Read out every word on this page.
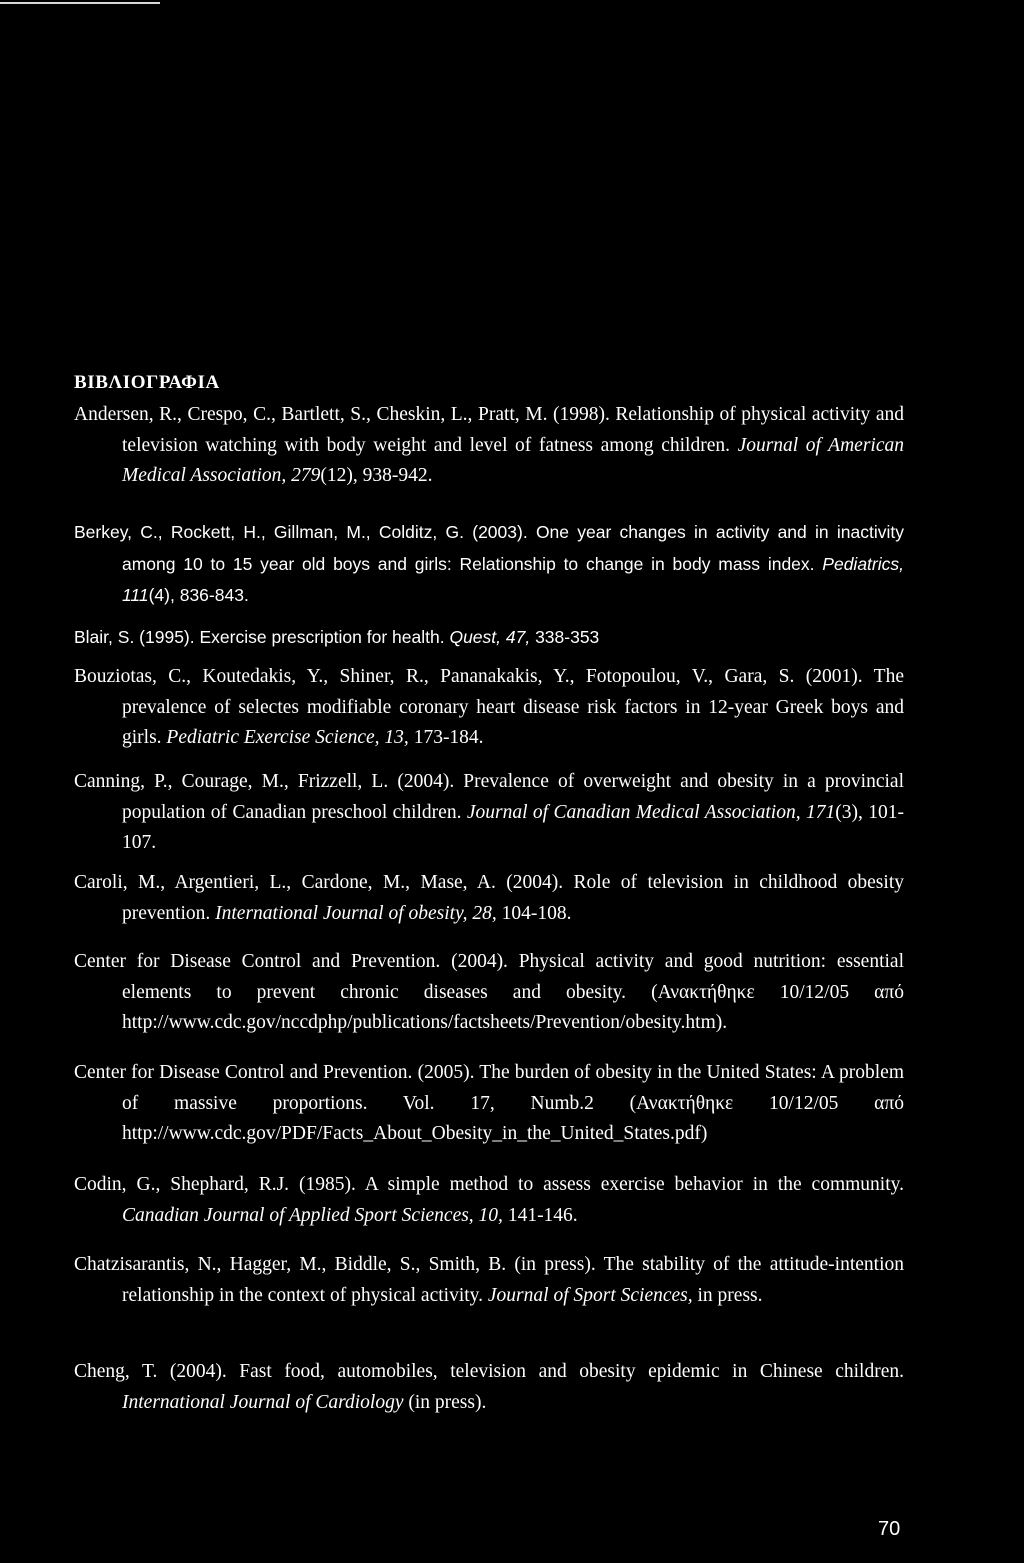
ΒΙΒΛΙΟΓΡΑΦΙΑ
Andersen, R., Crespo, C., Bartlett, S., Cheskin, L., Pratt, M. (1998). Relationship of physical activity and television watching with body weight and level of fatness among children. Journal of American Medical Association, 279(12), 938-942.
Berkey, C., Rockett, H., Gillman, M., Colditz, G. (2003). One year changes in activity and in inactivity among 10 to 15 year old boys and girls: Relationship to change in body mass index. Pediatrics, 111(4), 836-843.
Blair, S. (1995). Exercise prescription for health. Quest, 47, 338-353
Bouziotas, C., Koutedakis, Y., Shiner, R., Pananakakis, Y., Fotopoulou, V., Gara, S. (2001). The prevalence of selectes modifiable coronary heart disease risk factors in 12-year Greek boys and girls. Pediatric Exercise Science, 13, 173-184.
Canning, P., Courage, M., Frizzell, L. (2004). Prevalence of overweight and obesity in a provincial population of Canadian preschool children. Journal of Canadian Medical Association, 171(3), 101-107.
Caroli, M., Argentieri, L., Cardone, M., Mase, A. (2004). Role of television in childhood obesity prevention. International Journal of obesity, 28, 104-108.
Center for Disease Control and Prevention. (2004). Physical activity and good nutrition: essential elements to prevent chronic diseases and obesity. (Ανακτήθηκε 10/12/05 από http://www.cdc.gov/nccdphp/publications/factsheets/Prevention/obesity.htm).
Center for Disease Control and Prevention. (2005). The burden of obesity in the United States: A problem of massive proportions. Vol. 17, Numb.2 (Ανακτήθηκε 10/12/05 από http://www.cdc.gov/PDF/Facts_About_Obesity_in_the_United_States.pdf)
Codin, G., Shephard, R.J. (1985). A simple method to assess exercise behavior in the community. Canadian Journal of Applied Sport Sciences, 10, 141-146.
Chatzisarantis, N., Hagger, M., Biddle, S., Smith, B. (in press). The stability of the attitude-intention relationship in the context of physical activity. Journal of Sport Sciences, in press.
Cheng, T. (2004). Fast food, automobiles, television and obesity epidemic in Chinese children. International Journal of Cardiology (in press).
70
